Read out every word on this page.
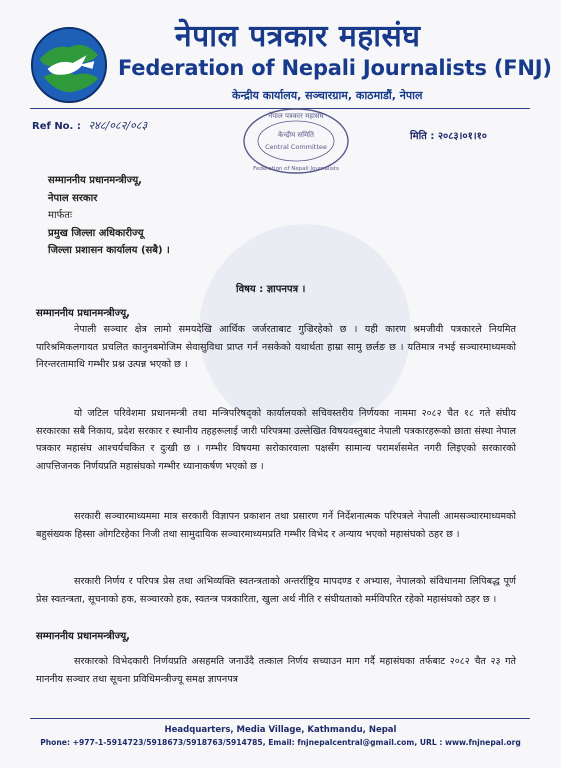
नेपाल पत्रकार महासंघ
Federation of Nepali Journalists (FNJ)
केन्द्रीय कार्यालय, सञ्चारग्राम, काठमाडौं, नेपाल
Ref No. : २४८/०८२/०८३
नेपाल पत्रकार महासंघ
केन्द्रीय समिति
Central Committee
Federation of Nepali Journalists
मिति : २०८३।०१।१०
सम्माननीय प्रधानमन्त्रीज्यू,
नेपाल सरकार
मार्फतः
प्रमुख जिल्ला अधिकारीज्यू
जिल्ला प्रशासन कार्यालय (सबै) ।
विषय : ज्ञापनपत्र ।
सम्माननीय प्रधानमन्त्रीज्यू,
नेपाली सञ्चार क्षेत्र लामो समयदेखि आर्थिक जर्जरताबाट गुज्रिरहेको छ । यही कारण श्रमजीवी पत्रकारले नियमित पारिश्रमिकलगायत प्रचलित कानुनबमोजिम सेवासुविधा प्राप्त गर्न नसकेको यथार्थता हाम्रा सामु छर्लङ छ । यतिमात्र नभई सञ्चारमाध्यमको निरन्तरतामाथि गम्भीर प्रश्न उत्पन्न भएको छ ।
यो जटिल परिवेशमा प्रधानमन्त्री तथा मन्त्रिपरिषद्को कार्यालयको सचिवस्तरीय निर्णयका नाममा २०८२ चैत १८ गते संघीय सरकारका सबै निकाय, प्रदेश सरकार र स्थानीय तहहरूलाई जारी परिपत्रमा उल्लेखित विषयवस्तुबाट नेपाली पत्रकारहरूको छाता संस्था नेपाल पत्रकार महासंघ आश्चर्यचकित र दुःखी छ । गम्भीर विषयमा सरोकारवाला पक्षसँग सामान्य परामर्शसमेत नगरी लिइएको सरकारको आपत्तिजनक निर्णयप्रति महासंघको गम्भीर ध्यानाकर्षण भएको छ ।
सरकारी सञ्चारमाध्यममा मात्र सरकारी विज्ञापन प्रकाशन तथा प्रसारण गर्ने निर्देशनात्मक परिपत्रले नेपाली आमसञ्चारमाध्यमको बहुसंख्यक हिस्सा ओगटिरहेका निजी तथा सामुदायिक सञ्चारमाध्यमप्रति गम्भीर विभेद र अन्याय भएको महासंघको ठहर छ ।
सरकारी निर्णय र परिपत्र प्रेस तथा अभिव्यक्ति स्वतन्त्रताको अन्तर्राष्ट्रिय मापदण्ड र अभ्यास, नेपालको संविधानमा लिपिबद्ध पूर्ण प्रेस स्वतन्त्रता, सूचनाको हक, सञ्चारको हक, स्वतन्त्र पत्रकारिता, खुला अर्थ नीति र संघीयताको मर्मविपरित रहेको महासंघको ठहर छ ।
सम्माननीय प्रधानमन्त्रीज्यू,
सरकारको विभेदकारी निर्णयप्रति असहमति जनाउँदै तत्काल निर्णय सच्याउन माग गर्दै महासंघका तर्फबाट २०८२ चैत २३ गते माननीय सञ्चार तथा सूचना प्रविधिमन्त्रीज्यू समक्ष ज्ञापनपत्र
Headquarters, Media Village, Kathmandu, Nepal
Phone: +977-1-5914723/5918673/5918763/5914785, Email: fnjnepalcentral@gmail.com, URL : www.fnjnepal.org
